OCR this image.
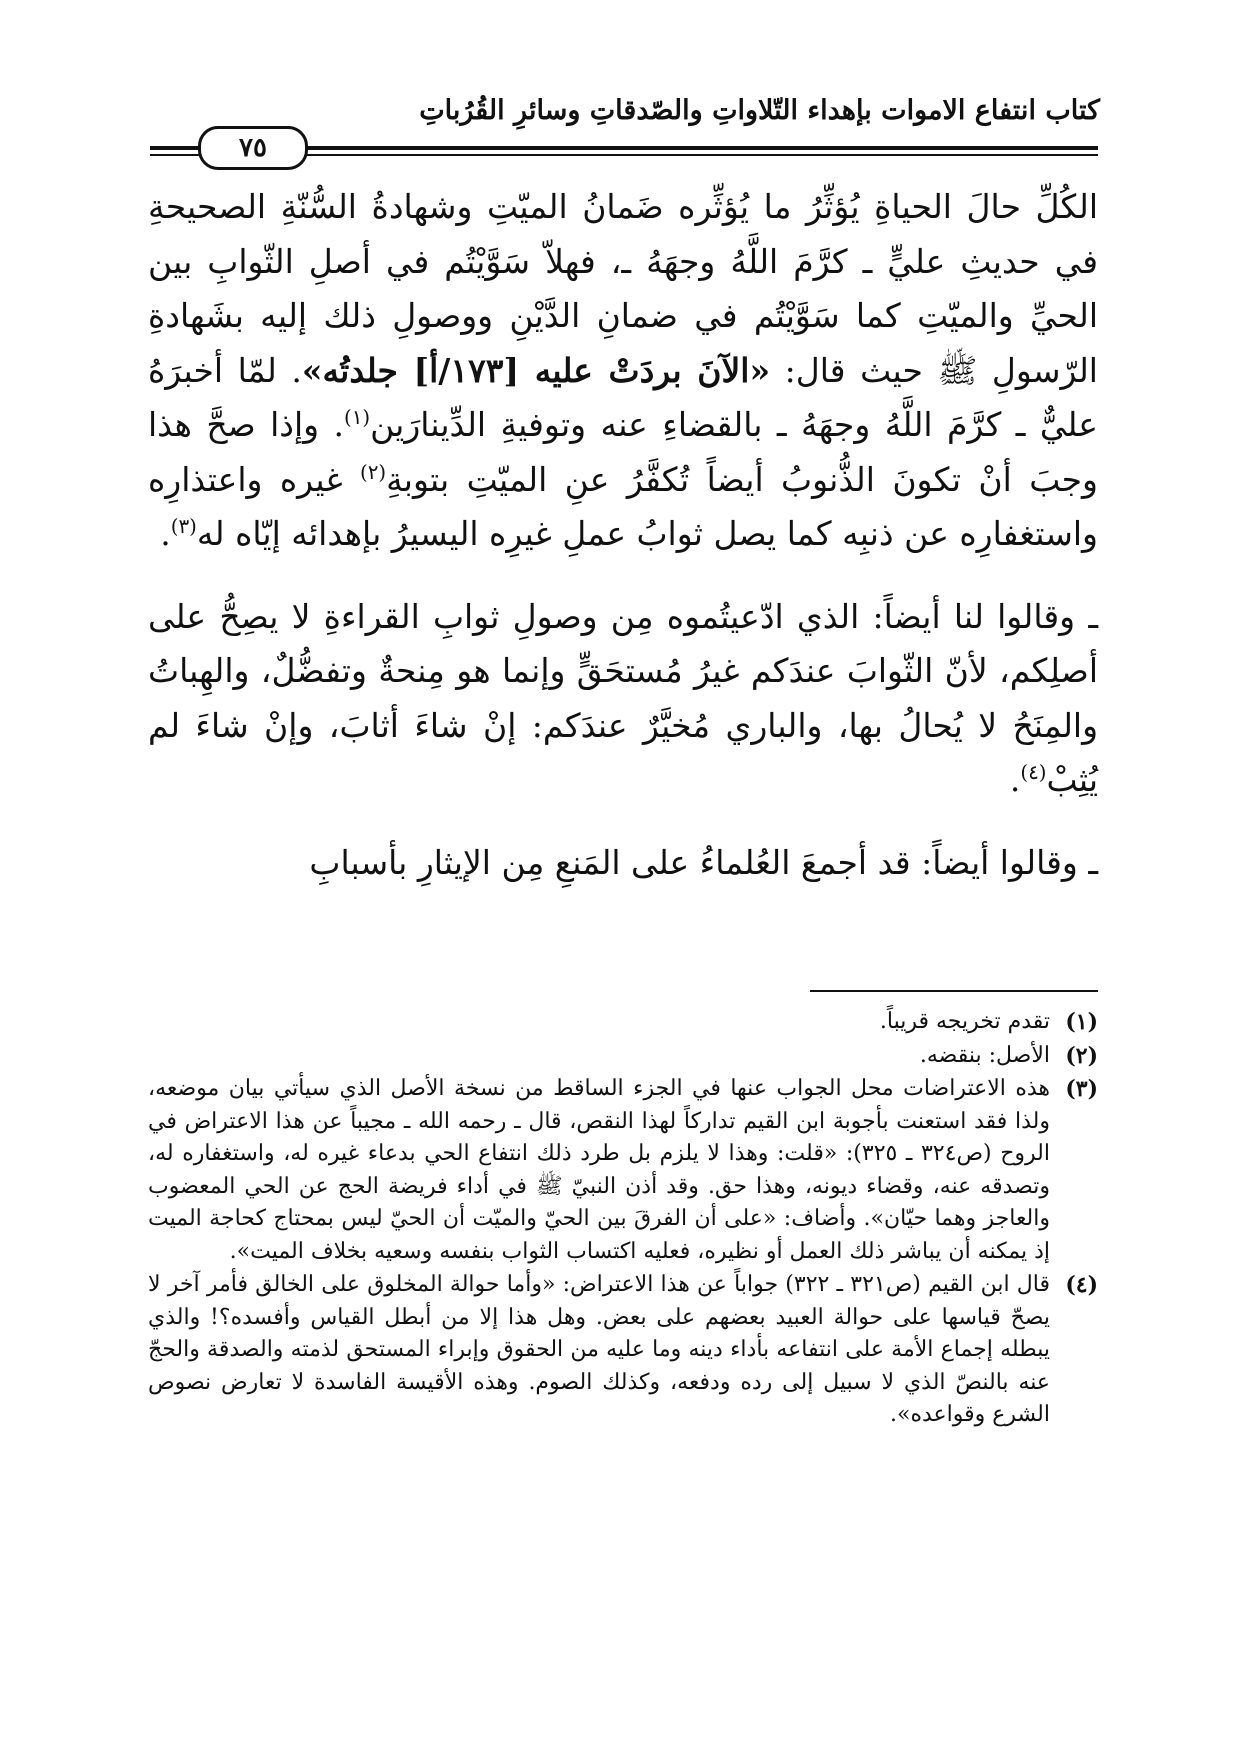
كتاب انتفاع الاموات بإهداء التّلاواتِ والصّدقاتِ وسائرِ القُرُباتِ
٧٥

الكُلِّ حالَ الحياةِ يُؤثِّرُ ما يُؤثِّره ضَمانُ الميّتِ وشهادةُ السُّنّةِ الصحيحةِ في حديثِ عليٍّ ـ كرَّمَ اللَّهُ وجهَهُ ـ، فهلاّ سَوَّيْتُم في أصلِ الثّوابِ بين الحيِّ والميّتِ كما سَوَّيْتُم في ضمانِ الدَّيْنِ ووصولِ ذلك إليه بشَهادةِ الرّسولِ ﷺ حيث قال: «الآنَ بردَتْ عليه [١٧٣/أ] جلدتُه». لمّا أخبرَهُ عليٌّ ـ كرَّمَ اللَّهُ وجهَهُ ـ بالقضاءِ عنه وتوفيةِ الدِّينارَين$^{(١)}$. وإذا صحَّ هذا وجبَ أنْ تكونَ الذُّنوبُ أيضاً تُكفَّرُ عنِ الميّتِ بتوبةِ$^{(٢)}$ غيره واعتذارِه واستغفارِه عن ذنبِه كما يصل ثوابُ عملِ غيرِه اليسيرُ بإهدائه إيّاه له$^{(٣)}$.

ـ وقالوا لنا أيضاً: الذي ادّعيتُموه مِن وصولِ ثوابِ القراءةِ لا يصِحُّ على أصلِكم، لأنّ الثّوابَ عندَكم غيرُ مُستحَقٍّ وإنما هو مِنحةٌ وتفضُّلٌ، والهِباتُ والمِنَحُ لا يُحالُ بها، والباري مُخيَّرٌ عندَكم: إنْ شاءَ أثابَ، وإنْ شاءَ لم يُثِبْ$^{(٤)}$.

ـ وقالوا أيضاً: قد أجمعَ العُلماءُ على المَنعِ مِن الإيثارِ بأسبابِ

(١)
تقدم تخريجه قريباً.
(٢)
الأصل: بنقضه.
(٣)
هذه الاعتراضات محل الجواب عنها في الجزء الساقط من نسخة الأصل الذي سيأتي بيان موضعه، ولذا فقد استعنت بأجوبة ابن القيم تداركاً لهذا النقص، قال ـ رحمه الله ـ مجيباً عن هذا الاعتراض في الروح (ص٣٢٤ ـ ٣٢٥): «قلت: وهذا لا يلزم بل طرد ذلك انتفاع الحي بدعاء غيره له، واستغفاره له، وتصدقه عنه، وقضاء ديونه، وهذا حق. وقد أذن النبيّ ﷺ في أداء فريضة الحج عن الحي المعضوب والعاجز وهما حيّان». وأضاف: «على أن الفرقَ بين الحيّ والميّت أن الحيّ ليس بمحتاج كحاجة الميت إذ يمكنه أن يباشر ذلك العمل أو نظيره، فعليه اكتساب الثواب بنفسه وسعيه بخلاف الميت».
(٤)
قال ابن القيم (ص٣٢١ ـ ٣٢٢) جواباً عن هذا الاعتراض: «وأما حوالة المخلوق على الخالق فأمر آخر لا يصحّ قياسها على حوالة العبيد بعضهم على بعض. وهل هذا إلا من أبطل القياس وأفسده؟! والذي يبطله إجماع الأمة على انتفاعه بأداء دينه وما عليه من الحقوق وإبراء المستحق لذمته والصدقة والحجّ عنه بالنصّ الذي لا سبيل إلى رده ودفعه، وكذلك الصوم. وهذه الأقيسة الفاسدة لا تعارض نصوص الشرع وقواعده».
